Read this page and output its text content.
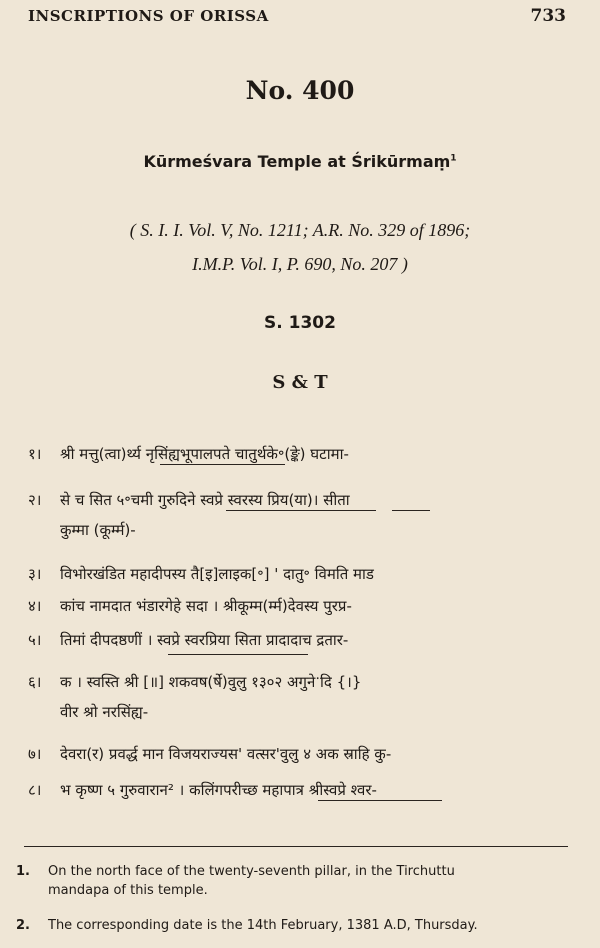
INSCRIPTIONS OF ORISSA	733
No. 400
Kūrmeśvara Temple at Śrikūrmaṃ$^1$
( S. I. I. Vol. V, No. 1211; A.R. No. 329 of 1896;
I.M.P. Vol. I, P. 690, No. 207 )
S. 1302
S & T
१। श्री मत्तु(त्वा)र्थ्य नृसिंह्यभूपालपते चातुर्थके॰(ङ्के) घटामा-
२। से च सित ५॰चमी गुरुदिने स्वप्रे स्वरस्य प्रिय(या)। सीता
कुम्मा (कूर्म्म)-
३। विभोरखंडित महादीपस्य तै[इ]लाइक[॰] ' दातु॰ विमति माड
४। कांच नामदात भंडारगेहे सदा । श्रीकूम्म(र्म्म)देवस्य पुरप्र-
५। तिमां दीपदष्ठणीं । स्वप्रे स्वरप्रिया सिता प्रादादाच द्रतार-
६। क । स्वस्ति श्री [॥] शकवष(र्षे)वुलु १३०२ अगुनेॱदि {।}
वीर श्रो नरसिंह्य-
७। देवरा(र) प्रवर्द्ध मान विजयराज्यस' वत्सर'वुलु ४ अक स्राहि कु-
८। भ कृष्ण ५ गुरुवारान² । कलिंगपरीच्छ महापात्र श्रीस्वप्रे श्वर-
1. On the north face of the twenty-seventh pillar, in the Tirchuttu
mandapa of this temple.
2. The corresponding date is the 14th February, 1381 A.D, Thursday.
